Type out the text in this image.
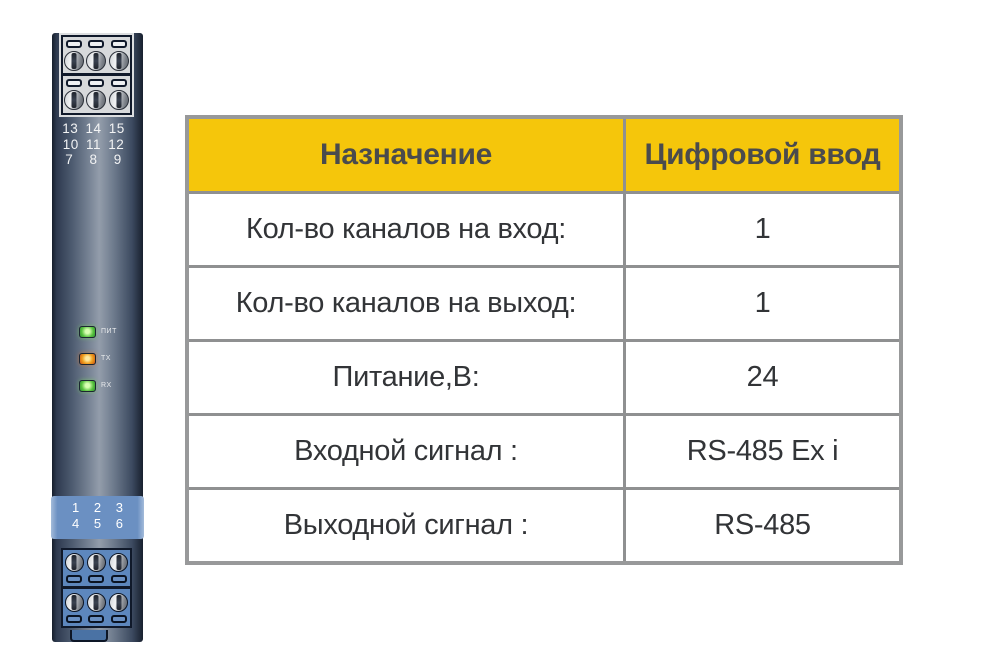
13 14 15
10 11 12
7 8 9
ПИТ
TX
RX
1 2 3
4 5 6
Назначение	Цифровой ввод
Кол-во каналов на вход:	1
Кол-во каналов на выход:	1
Питание,В:	24
Входной сигнал :	RS-485 Ex i
Выходной сигнал :	RS-485
